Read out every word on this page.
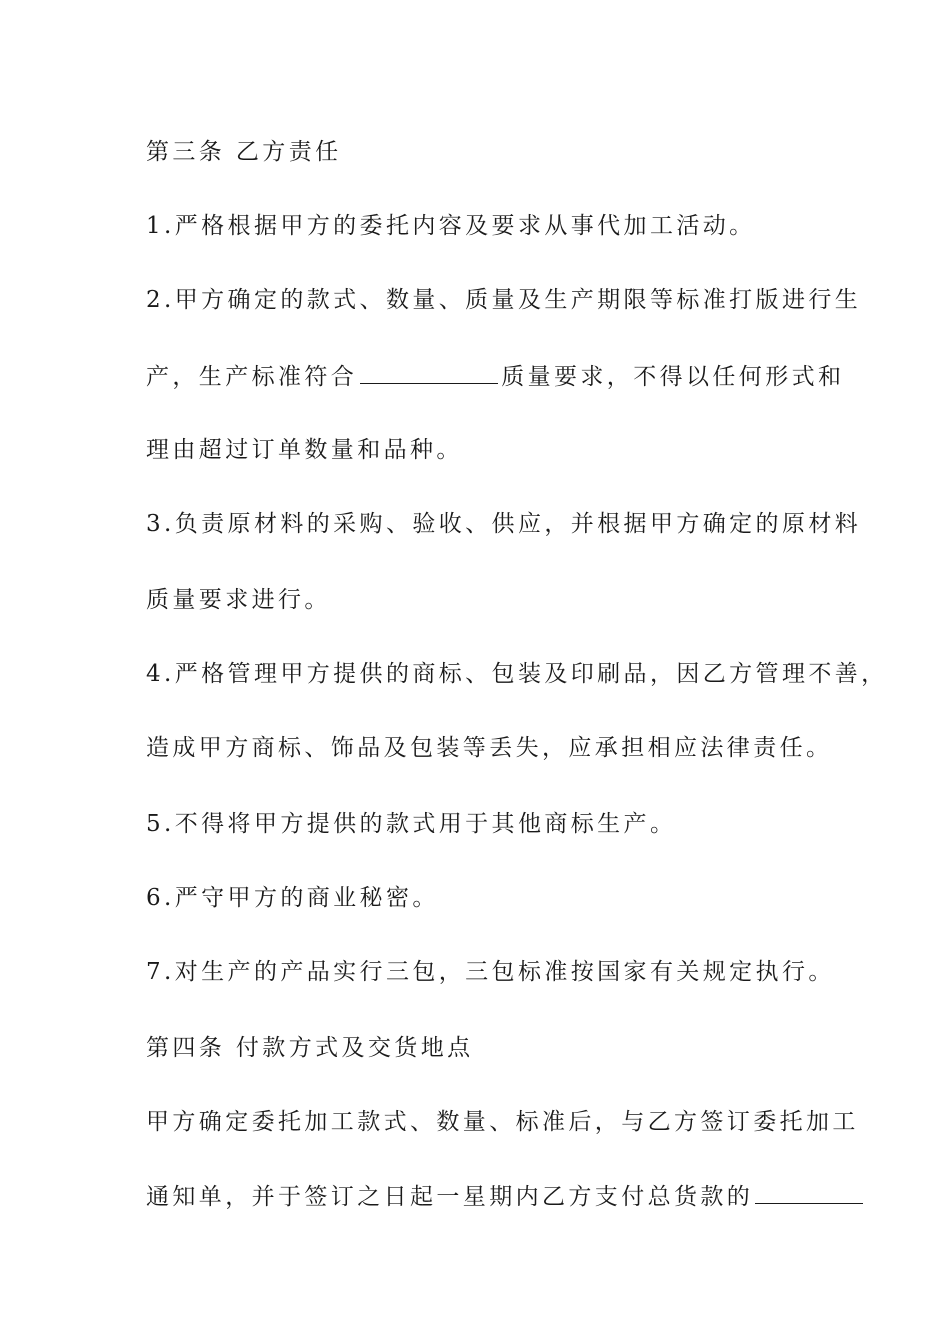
第三条 乙方责任
1.严格根据甲方的委托内容及要求从事代加工活动。
2.甲方确定的款式、数量、质量及生产期限等标准打版进行生
产，生产标准符合	质量要求，不得以任何形式和
理由超过订单数量和品种。
3.负责原材料的采购、验收、供应，并根据甲方确定的原材料
质量要求进行。
4.严格管理甲方提供的商标、包装及印刷品，因乙方管理不善，
造成甲方商标、饰品及包装等丢失，应承担相应法律责任。
5.不得将甲方提供的款式用于其他商标生产。
6.严守甲方的商业秘密。
7.对生产的产品实行三包，三包标准按国家有关规定执行。
第四条 付款方式及交货地点
甲方确定委托加工款式、数量、标准后，与乙方签订委托加工
通知单，并于签订之日起一星期内乙方支付总货款的
